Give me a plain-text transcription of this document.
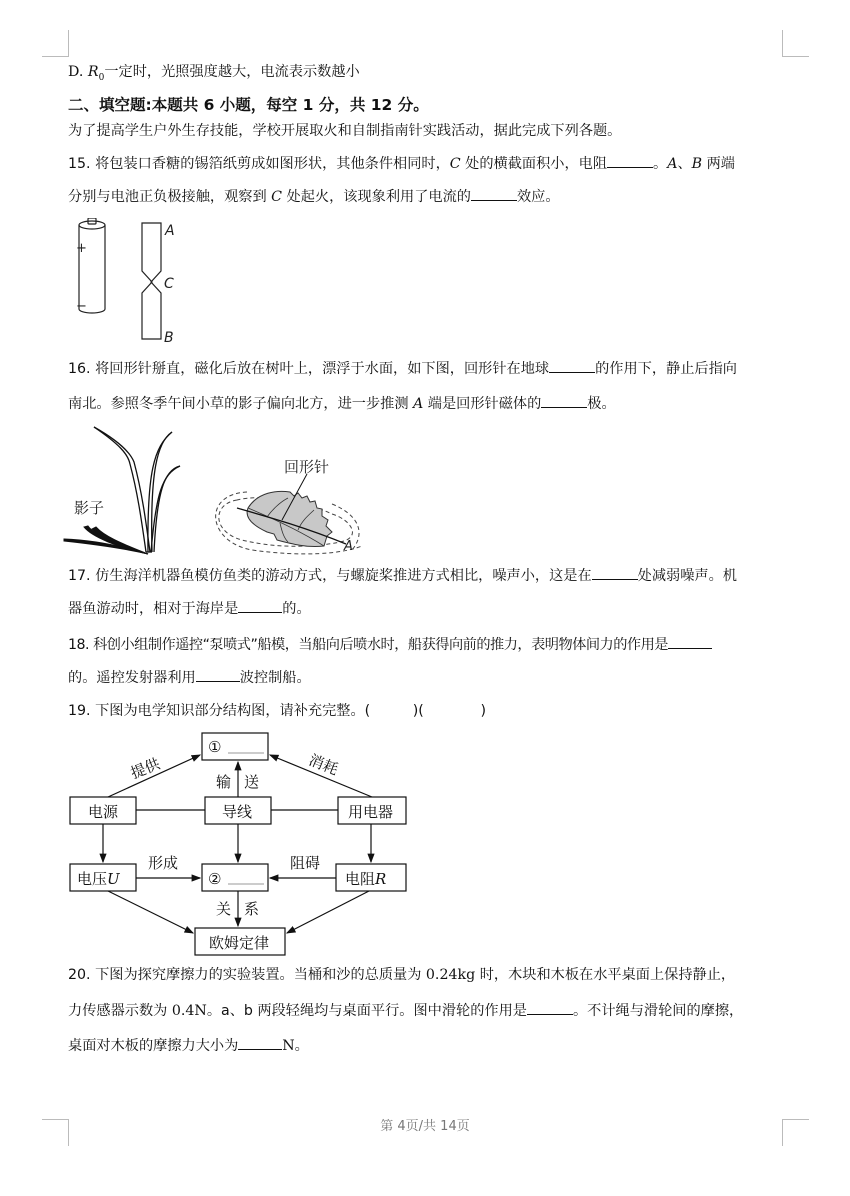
D. $R_0$一定时，光照强度越大，电流表示数越小
二、填空题:本题共 6 小题，每空 1 分，共 12 分。
为了提高学生户外生存技能，学校开展取火和自制指南针实践活动，据此完成下列各题。
15. 将包装口香糖的锡箔纸剪成如图形状，其他条件相同时，C 处的横截面积小，电阻	。A、B 两端
分别与电池正负极接触，观察到 C 处起火，该现象利用了电流的	效应。
+
−
A
C
B
16. 将回形针掰直，磁化后放在树叶上，漂浮于水面，如下图，回形针在地球	的作用下，静止后指向
南北。参照冬季午间小草的影子偏向北方，进一步推测 A 端是回形针磁体的	极。
影子
回形针
A
17. 仿生海洋机器鱼模仿鱼类的游动方式，与螺旋桨推进方式相比，噪声小，这是在	处减弱噪声。机
器鱼游动时，相对于海岸是	的。
18. 科创小组制作遥控“泵喷式”船模，当船向后喷水时，船获得向前的推力，表明物体间力的作用是
的。遥控发射器利用	波控制船。
19. 下图为电学知识部分结构图，请补充完整。(　　　)(　　　　)
①
电源	导线	用电器
电压U	②	电阻R
欧姆定律
提供	输 送
消耗
形成	阻碍
关 系
20. 下图为探究摩擦力的实验装置。当桶和沙的总质量为 0.24kg 时，木块和木板在水平桌面上保持静止，
力传感器示数为 0.4N。a、b 两段轻绳均与桌面平行。图中滑轮的作用是	。不计绳与滑轮间的摩擦，
桌面对木板的摩擦力大小为	N。
第 4页/共 14页
